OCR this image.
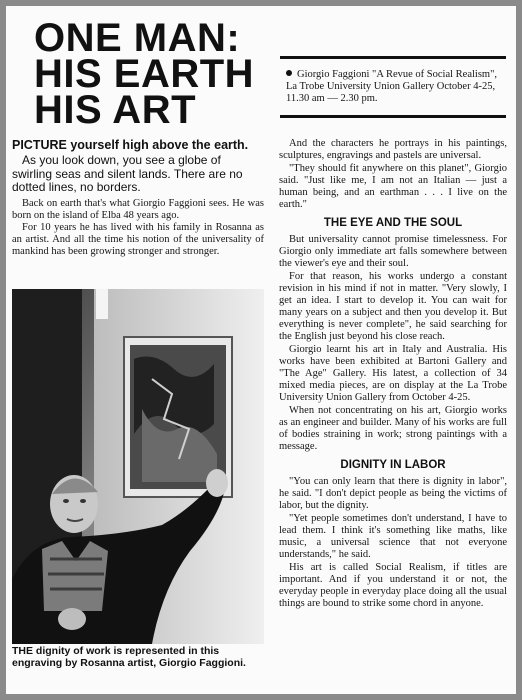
ONE MAN:
HIS EARTH
HIS ART

Giorgio Faggioni "A Revue of Social Realism", La Trobe University Union Gallery October 4-25, 11.30 am — 2.30 pm.

PICTURE yourself high above the earth.

As you look down, you see a globe of swirling seas and silent lands. There are no dotted lines, no borders.

Back on earth that's what Giorgio Faggioni sees. He was born on the island of Elba 48 years ago.

For 10 years he has lived with his family in Rosanna as an artist. And all the time his notion of the universality of mankind has been growing stronger and stronger.

THE dignity of work is represented in this engraving by Rosanna artist, Giorgio Faggioni.

And the characters he portrays in his paintings, sculptures, engravings and pastels are universal.

"They should fit anywhere on this planet", Giorgio said. "Just like me, I am not an Italian — just a human being, and an earthman . . . I live on the earth."

THE EYE AND THE SOUL

But universality cannot promise timelessness. For Giorgio only immediate art falls somewhere between the viewer's eye and their soul.

For that reason, his works undergo a constant revision in his mind if not in matter. "Very slowly, I get an idea. I start to develop it. You can wait for many years on a subject and then you develop it. But everything is never complete", he said searching for the English just beyond his close reach.

Giorgio learnt his art in Italy and Australia. His works have been exhibited at Bartoni Gallery and "The Age" Gallery. His latest, a collection of 34 mixed media pieces, are on display at the La Trobe University Union Gallery from October 4-25.

When not concentrating on his art, Giorgio works as an engineer and builder. Many of his works are full of bodies straining in work; strong paintings with a message.

DIGNITY IN LABOR

"You can only learn that there is dignity in labor", he said. "I don't depict people as being the victims of labor, but the dignity.

"Yet people sometimes don't understand, I have to lead them. I think it's something like maths, like music, a universal science that not everyone understands," he said.

His art is called Social Realism, if titles are important. And if you understand it or not, the everyday people in everyday place doing all the usual things are bound to strike some chord in anyone.
